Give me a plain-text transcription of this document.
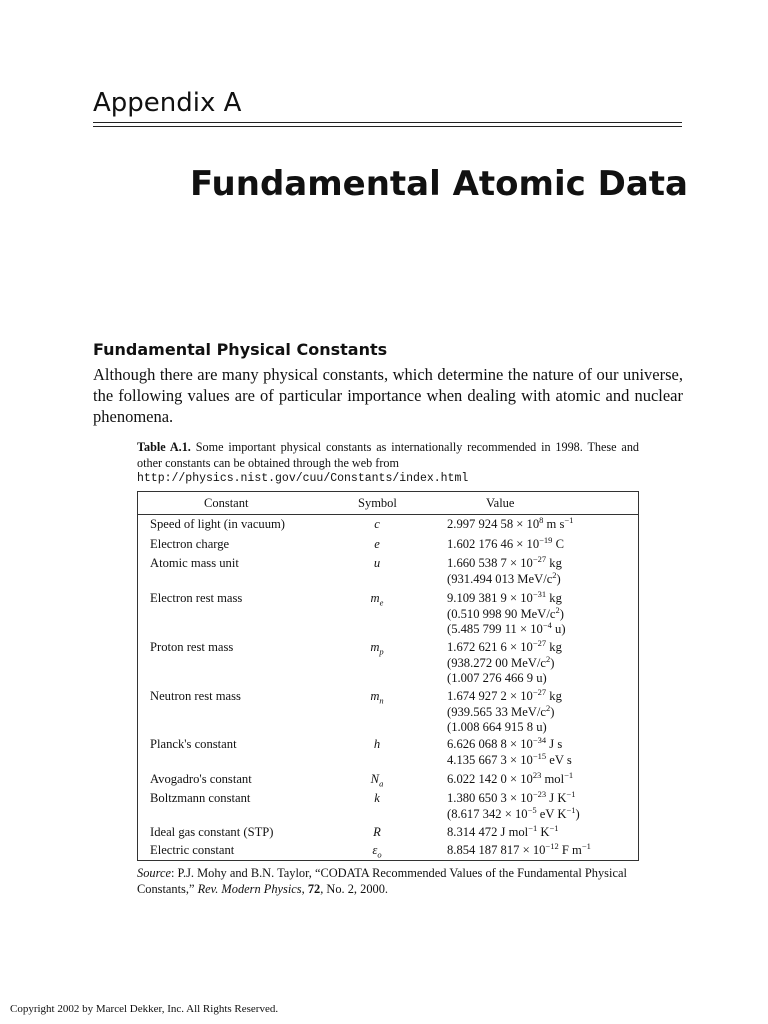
Appendix A
Fundamental Atomic Data
Fundamental Physical Constants

Although there are many physical constants, which determine the nature of our universe, the following values are of particular importance when dealing with atomic and nuclear phenomena.

Table A.1. Some important physical constants as internationally recommended in 1998. These and other constants can be obtained through the web from
http://physics.nist.gov/cuu/Constants/index.html
Constant	Symbol	Value
Speed of light (in vacuum)	c	2.997 924 $58 \times 10^8$ m $s^{-1}$
Electron charge	e	1.602 176 $46 \times 10^{-19}$ C
Atomic mass unit	u	1.660 538 $7 \times 10^{-27}$ kg
(931.494 013 MeV/$c^2$)
Electron rest mass	$m_e$	9.109 381 $9 \times 10^{-31}$ kg
(0.510 998 90 MeV/$c^2$)
(5.485 799 $11 \times 10^{-4}$ u)
Proton rest mass	$m_p$	1.672 621 $6 \times 10^{-27}$ kg
(938.272 00 MeV/$c^2$)
(1.007 276 466 9 u)
Neutron rest mass	$m_n$	1.674 927 $2 \times 10^{-27}$ kg
(939.565 33 MeV/$c^2$)
(1.008 664 915 8 u)
Planck's constant	h	6.626 068 $8 \times 10^{-34}$ J s
4.135 667 $3 \times 10^{-15}$ eV s
Avogadro's constant	$N_a$	6.022 142 $0 \times 10^{23}$ mol$^{-1}$
Boltzmann constant	k	1.380 650 $3 \times 10^{-23}$ J $K^{-1}$
(8.617 $342 \times 10^{-5}$ eV $K^{-1}$)
Ideal gas constant (STP)	R	8.314 472 J mol$^{-1}$ $K^{-1}$
Electric constant	$\varepsilon_o$	8.854 187 $817 \times 10^{-12}$ F $m^{-1}$
Source: P.J. Mohy and B.N. Taylor, “CODATA Recommended Values of the Fundamental Physical Constants,” Rev. Modern Physics, 72, No. 2, 2000.
Copyright 2002 by Marcel Dekker, Inc. All Rights Reserved.
